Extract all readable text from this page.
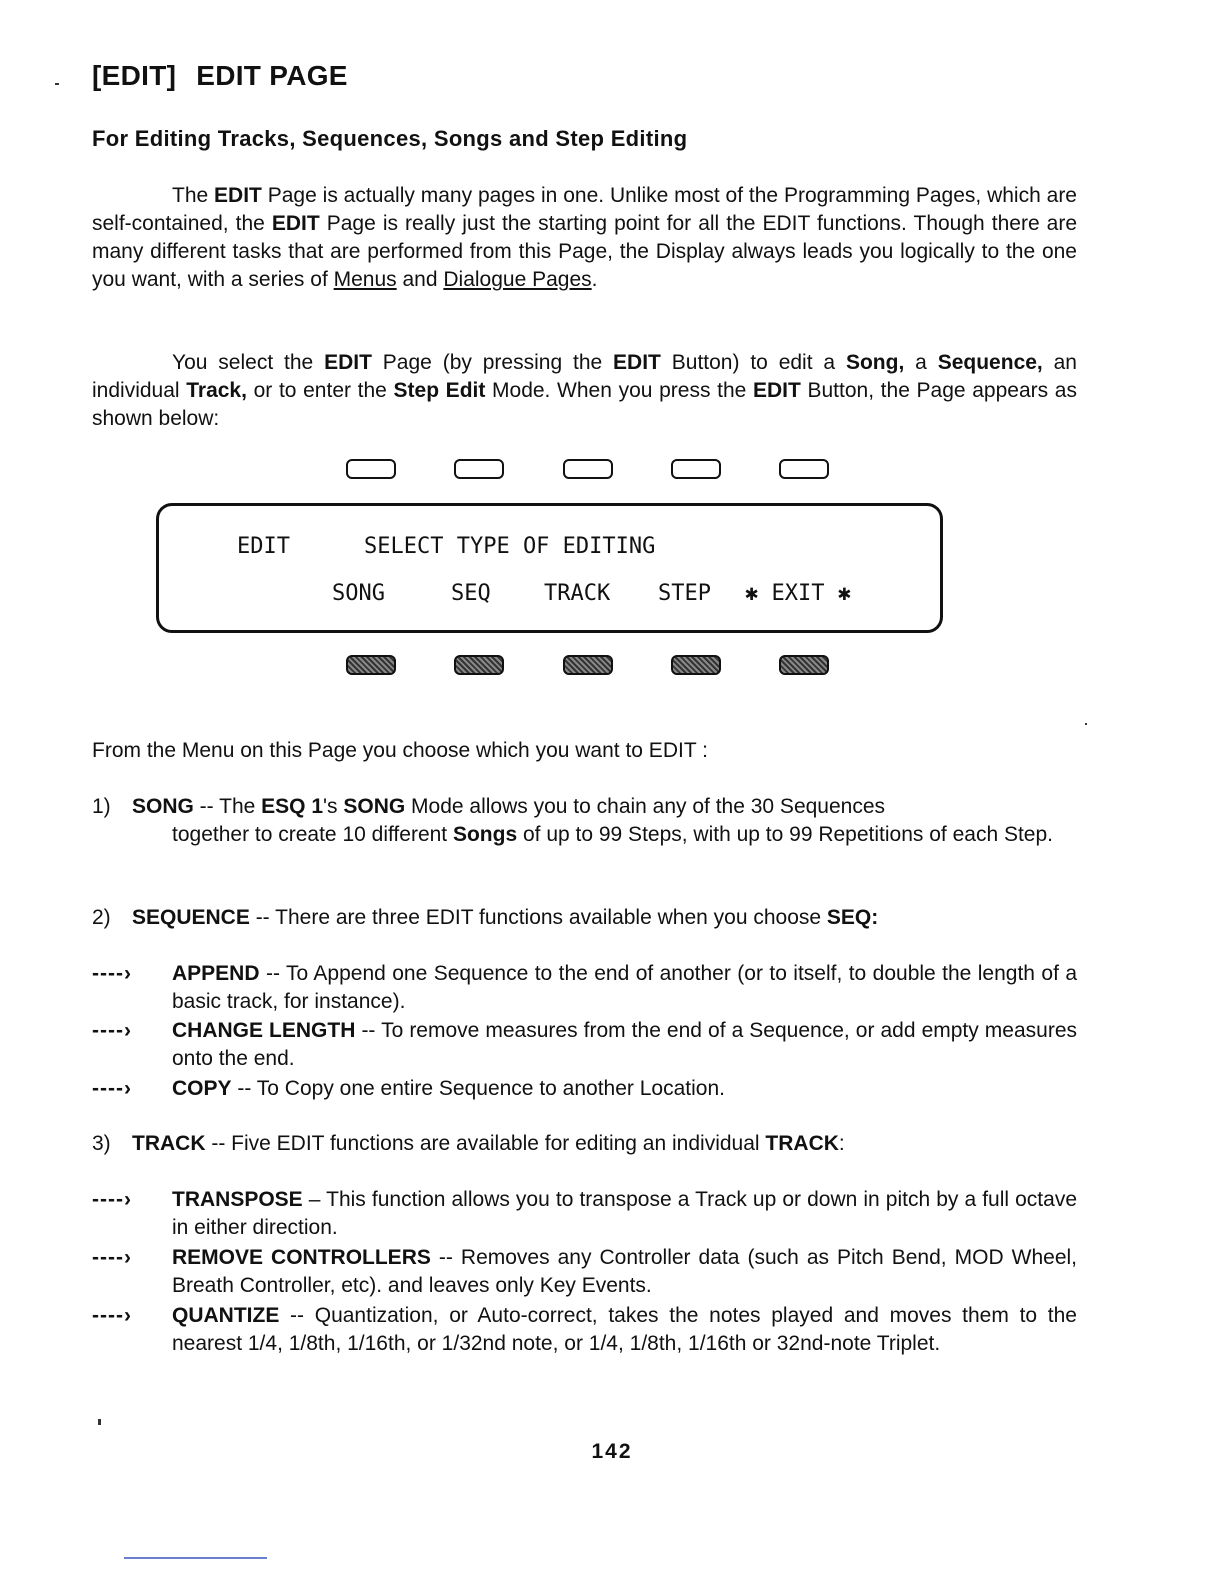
[EDIT] EDIT PAGE
For Editing Tracks, Sequences, Songs and Step Editing

The EDIT Page is actually many pages in one. Unlike most of the Programming Pages, which are self-contained, the EDIT Page is really just the starting point for all the EDIT functions. Though there are many different tasks that are performed from this Page, the Display always leads you logically to the one you want, with a series of Menus and Dialogue Pages.

You select the EDIT Page (by pressing the EDIT Button) to edit a Song, a Sequence, an individual Track, or to enter the Step Edit Mode. When you press the EDIT Button, the Page appears as shown below:

EDIT	SELECT TYPE OF EDITING
SONG	SEQ TRACK STEP ✱ EXIT ✱

From the Menu on this Page you choose which you want to EDIT :

1) SONG -- The ESQ 1's SONG Mode allows you to chain any of the 30 Sequences

together to create 10 different Songs of up to 99 Steps, with up to 99 Repetitions of each Step.

2) SEQUENCE -- There are three EDIT functions available when you choose SEQ:

----› APPEND -- To Append one Sequence to the end of another (or to itself, to double the length of a basic track, for instance).

----› CHANGE LENGTH -- To remove measures from the end of a Sequence, or add empty measures onto the end.

----› COPY -- To Copy one entire Sequence to another Location.

3) TRACK -- Five EDIT functions are available for editing an individual TRACK:

----› TRANSPOSE – This function allows you to transpose a Track up or down in pitch by a full octave in either direction.

----› REMOVE CONTROLLERS -- Removes any Controller data (such as Pitch Bend, MOD Wheel, Breath Controller, etc). and leaves only Key Events.

----› QUANTIZE -- Quantization, or Auto-correct, takes the notes played and moves them to the nearest 1/4, 1/8th, 1/16th, or 1/32nd note, or 1/4, 1/8th, 1/16th or 32nd-note Triplet.

142
